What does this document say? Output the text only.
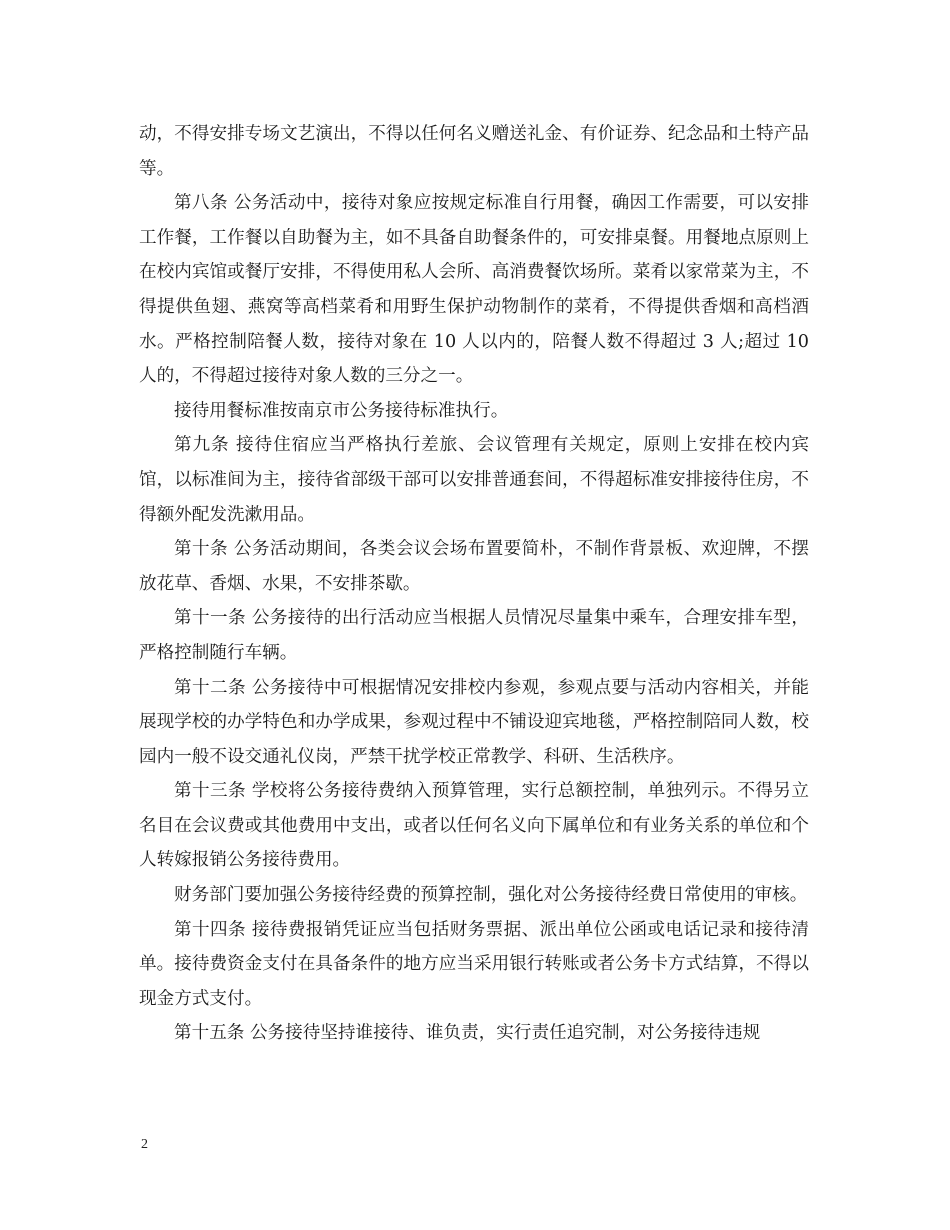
动，不得安排专场文艺演出，不得以任何名义赠送礼金、有价证券、纪念品和土特产品等。

第八条 公务活动中，接待对象应按规定标准自行用餐，确因工作需要，可以安排工作餐，工作餐以自助餐为主，如不具备自助餐条件的，可安排桌餐。用餐地点原则上在校内宾馆或餐厅安排，不得使用私人会所、高消费餐饮场所。菜肴以家常菜为主，不得提供鱼翅、燕窝等高档菜肴和用野生保护动物制作的菜肴，不得提供香烟和高档酒水。严格控制陪餐人数，接待对象在 10 人以内的，陪餐人数不得超过 3 人;超过 10 人的，不得超过接待对象人数的三分之一。

接待用餐标准按南京市公务接待标准执行。

第九条 接待住宿应当严格执行差旅、会议管理有关规定，原则上安排在校内宾馆，以标准间为主，接待省部级干部可以安排普通套间，不得超标准安排接待住房，不得额外配发洗漱用品。

第十条 公务活动期间，各类会议会场布置要简朴，不制作背景板、欢迎牌，不摆放花草、香烟、水果，不安排茶歇。

第十一条 公务接待的出行活动应当根据人员情况尽量集中乘车，合理安排车型，严格控制随行车辆。

第十二条 公务接待中可根据情况安排校内参观，参观点要与活动内容相关，并能展现学校的办学特色和办学成果，参观过程中不铺设迎宾地毯，严格控制陪同人数，校园内一般不设交通礼仪岗，严禁干扰学校正常教学、科研、生活秩序。

第十三条 学校将公务接待费纳入预算管理，实行总额控制，单独列示。不得另立名目在会议费或其他费用中支出，或者以任何名义向下属单位和有业务关系的单位和个人转嫁报销公务接待费用。

财务部门要加强公务接待经费的预算控制，强化对公务接待经费日常使用的审核。

第十四条 接待费报销凭证应当包括财务票据、派出单位公函或电话记录和接待清单。接待费资金支付在具备条件的地方应当采用银行转账或者公务卡方式结算，不得以现金方式支付。

第十五条 公务接待坚持谁接待、谁负责，实行责任追究制，对公务接待违规

2
